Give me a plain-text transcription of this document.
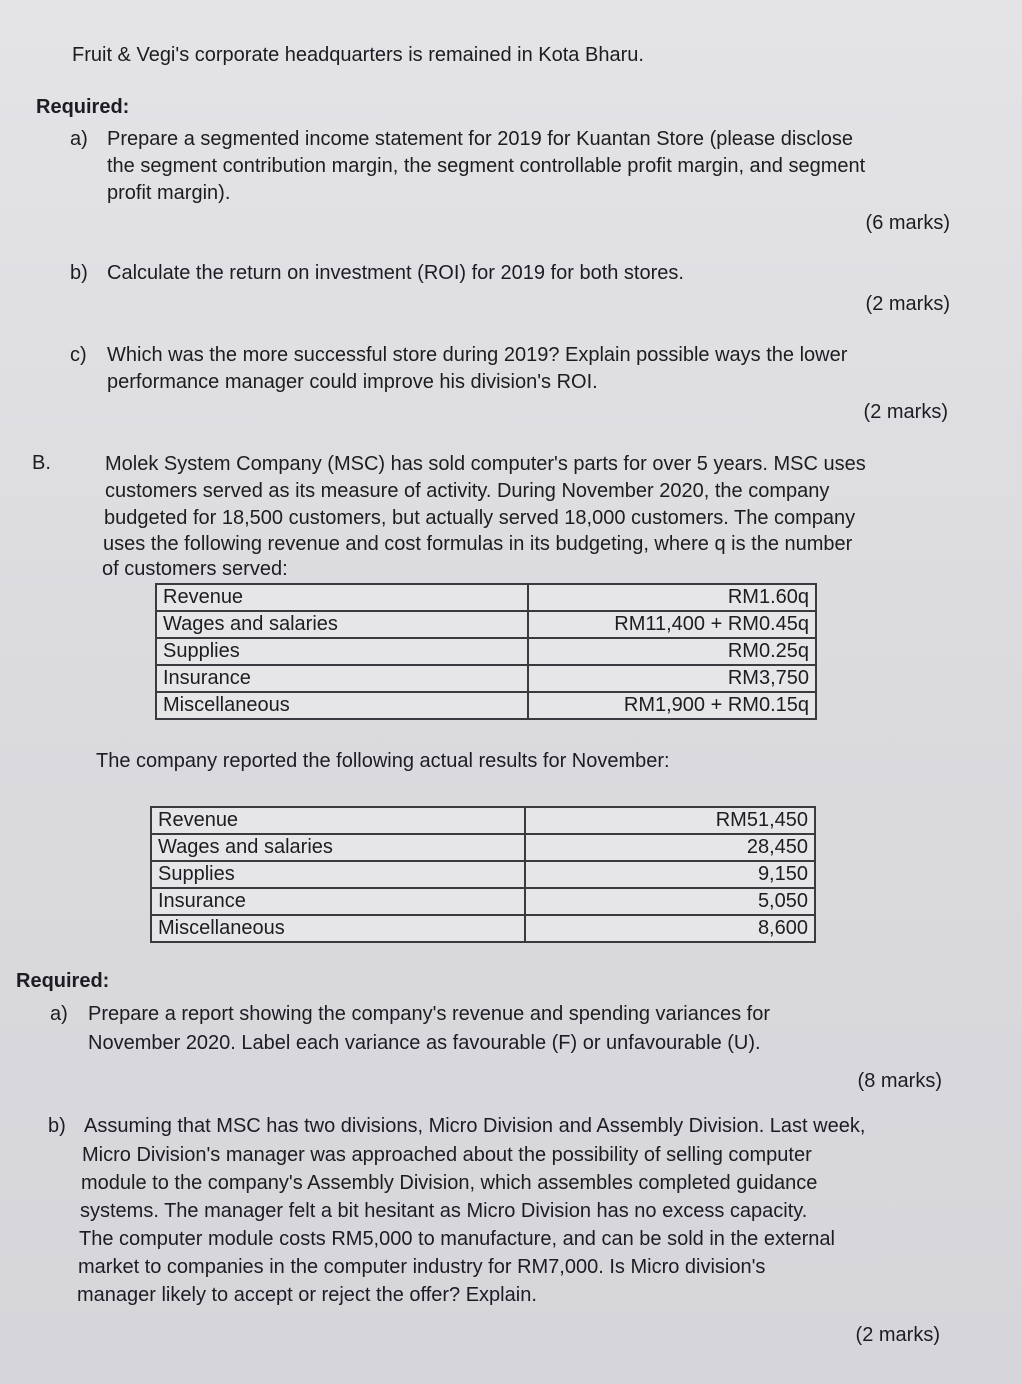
Fruit & Vegi's corporate headquarters is remained in Kota Bharu.
Required:
a) Prepare a segmented income statement for 2019 for Kuantan Store (please disclose
the segment contribution margin, the segment controllable profit margin, and segment
profit margin).
(6 marks)
b) Calculate the return on investment (ROI) for 2019 for both stores.
(2 marks)
c) Which was the more successful store during 2019? Explain possible ways the lower
performance manager could improve his division's ROI.
(2 marks)
B.	Molek System Company (MSC) has sold computer's parts for over 5 years. MSC uses
customers served as its measure of activity. During November 2020, the company
budgeted for 18,500 customers, but actually served 18,000 customers. The company
uses the following revenue and cost formulas in its budgeting, where q is the number
of customers served:
Revenue	RM1.60q
Wages and salaries	RM11,400 + RM0.45q
Supplies	RM0.25q
Insurance	RM3,750
Miscellaneous	RM1,900 + RM0.15q
The company reported the following actual results for November:
Revenue	RM51,450
Wages and salaries	28,450
Supplies	9,150
Insurance	5,050
Miscellaneous	8,600
Required:
a) Prepare a report showing the company's revenue and spending variances for
November 2020. Label each variance as favourable (F) or unfavourable (U).
(8 marks)
b) Assuming that MSC has two divisions, Micro Division and Assembly Division. Last week,
Micro Division's manager was approached about the possibility of selling computer
module to the company's Assembly Division, which assembles completed guidance
systems. The manager felt a bit hesitant as Micro Division has no excess capacity.
The computer module costs RM5,000 to manufacture, and can be sold in the external
market to companies in the computer industry for RM7,000. Is Micro division's
manager likely to accept or reject the offer? Explain.
(2 marks)
